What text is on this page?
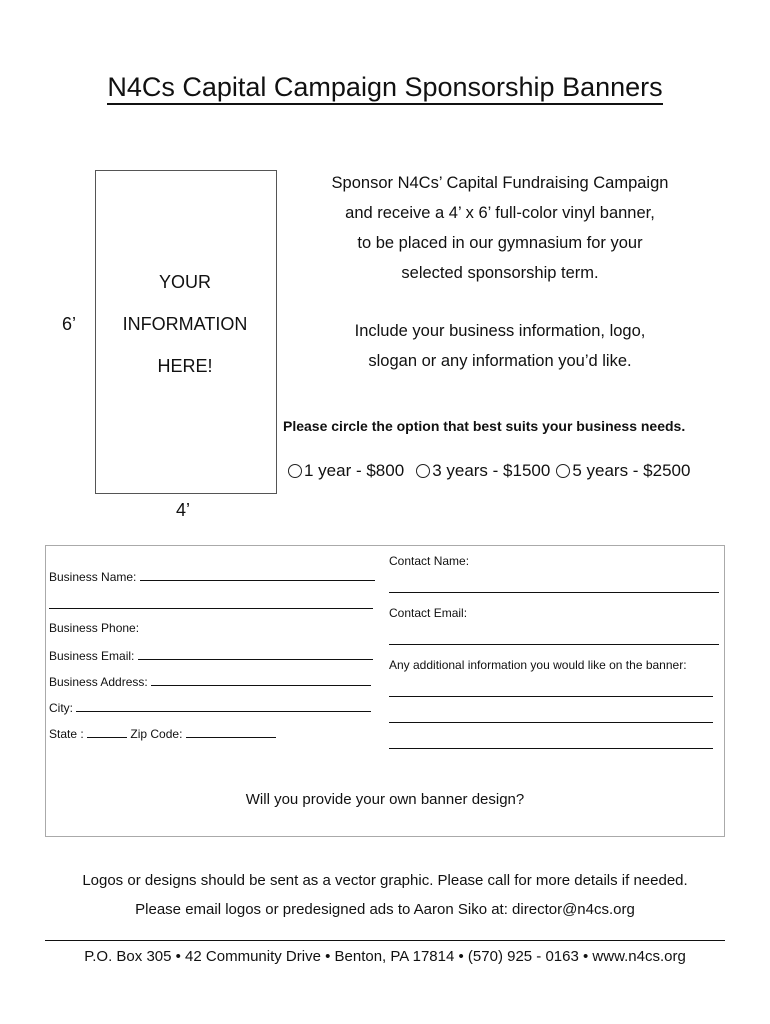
N4Cs Capital Campaign Sponsorship Banners
YOUR
INFORMATION
HERE!
6’
4’
Sponsor N4Cs’ Capital Fundraising Campaign
and receive a 4’ x 6’ full-color vinyl banner,
to be placed in our gymnasium for your
selected sponsorship term.
Include your business information, logo,
slogan or any information you’d like.
Please circle the option that best suits your business needs.
1 year - $800 3 years - $1500 5 years - $2500
Business Name:
Business Phone:
Business Email:
Business Address:
City:
State :	Zip Code:
Contact Name:
Contact Email:
Any additional information you would like on the banner:
Will you provide your own banner design?
Logos or designs should be sent as a vector graphic. Please call for more details if needed.
Please email logos or predesigned ads to Aaron Siko at: director@n4cs.org
P.O. Box 305 • 42 Community Drive • Benton, PA 17814 • (570) 925 - 0163 • www.n4cs.org
